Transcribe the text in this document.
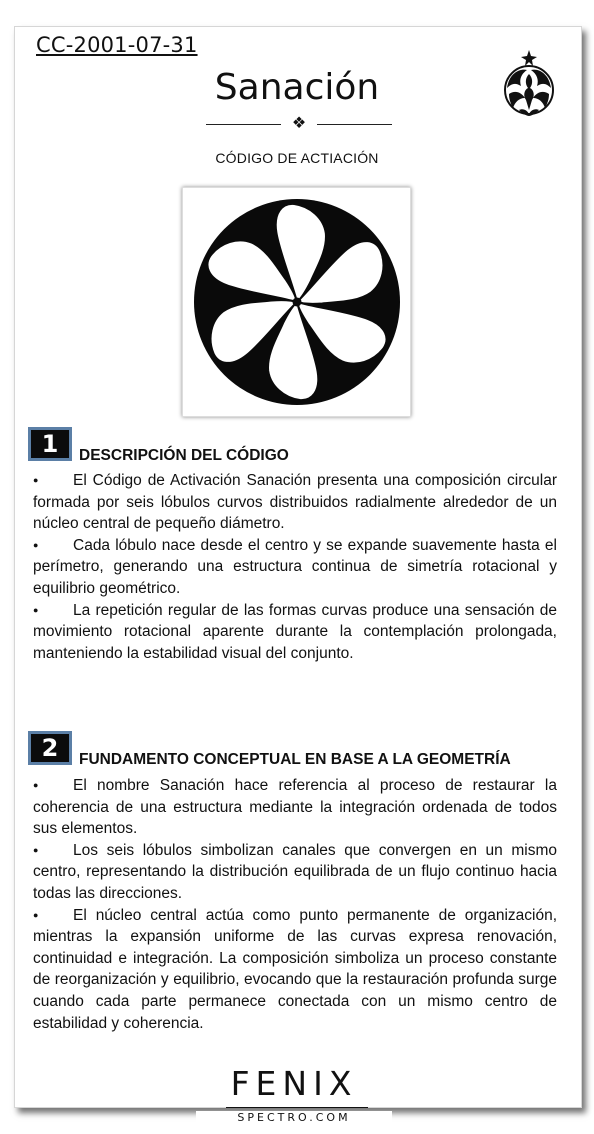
CC-2001-07-31
Sanación
❖
CÓDIGO DE ACTIACIÓN
1	DESCRIPCIÓN DEL CÓDIGO

● El Código de Activación Sanación presenta una composición circular formada por seis lóbulos curvos distribuidos radialmente alrededor de un núcleo central de pequeño diámetro.

● Cada lóbulo nace desde el centro y se expande suavemente hasta el perímetro, generando una estructura continua de simetría rotacional y equilibrio geométrico.

● La repetición regular de las formas curvas produce una sensación de movimiento rotacional aparente durante la contemplación prolongada, manteniendo la estabilidad visual del conjunto.

2	FUNDAMENTO CONCEPTUAL EN BASE A LA GEOMETRÍA

● El nombre Sanación hace referencia al proceso de restaurar la coherencia de una estructura mediante la integración ordenada de todos sus elementos.

● Los seis lóbulos simbolizan canales que convergen en un mismo centro, representando la distribución equilibrada de un flujo continuo hacia todas las direcciones.

● El núcleo central actúa como punto permanente de organización, mientras la expansión uniforme de las curvas expresa renovación, continuidad e integración. La composición simboliza un proceso constante de reorganización y equilibrio, evocando que la restauración profunda surge cuando cada parte permanece conectada con un mismo centro de estabilidad y coherencia.

FENIX
SPECTRO.COM
